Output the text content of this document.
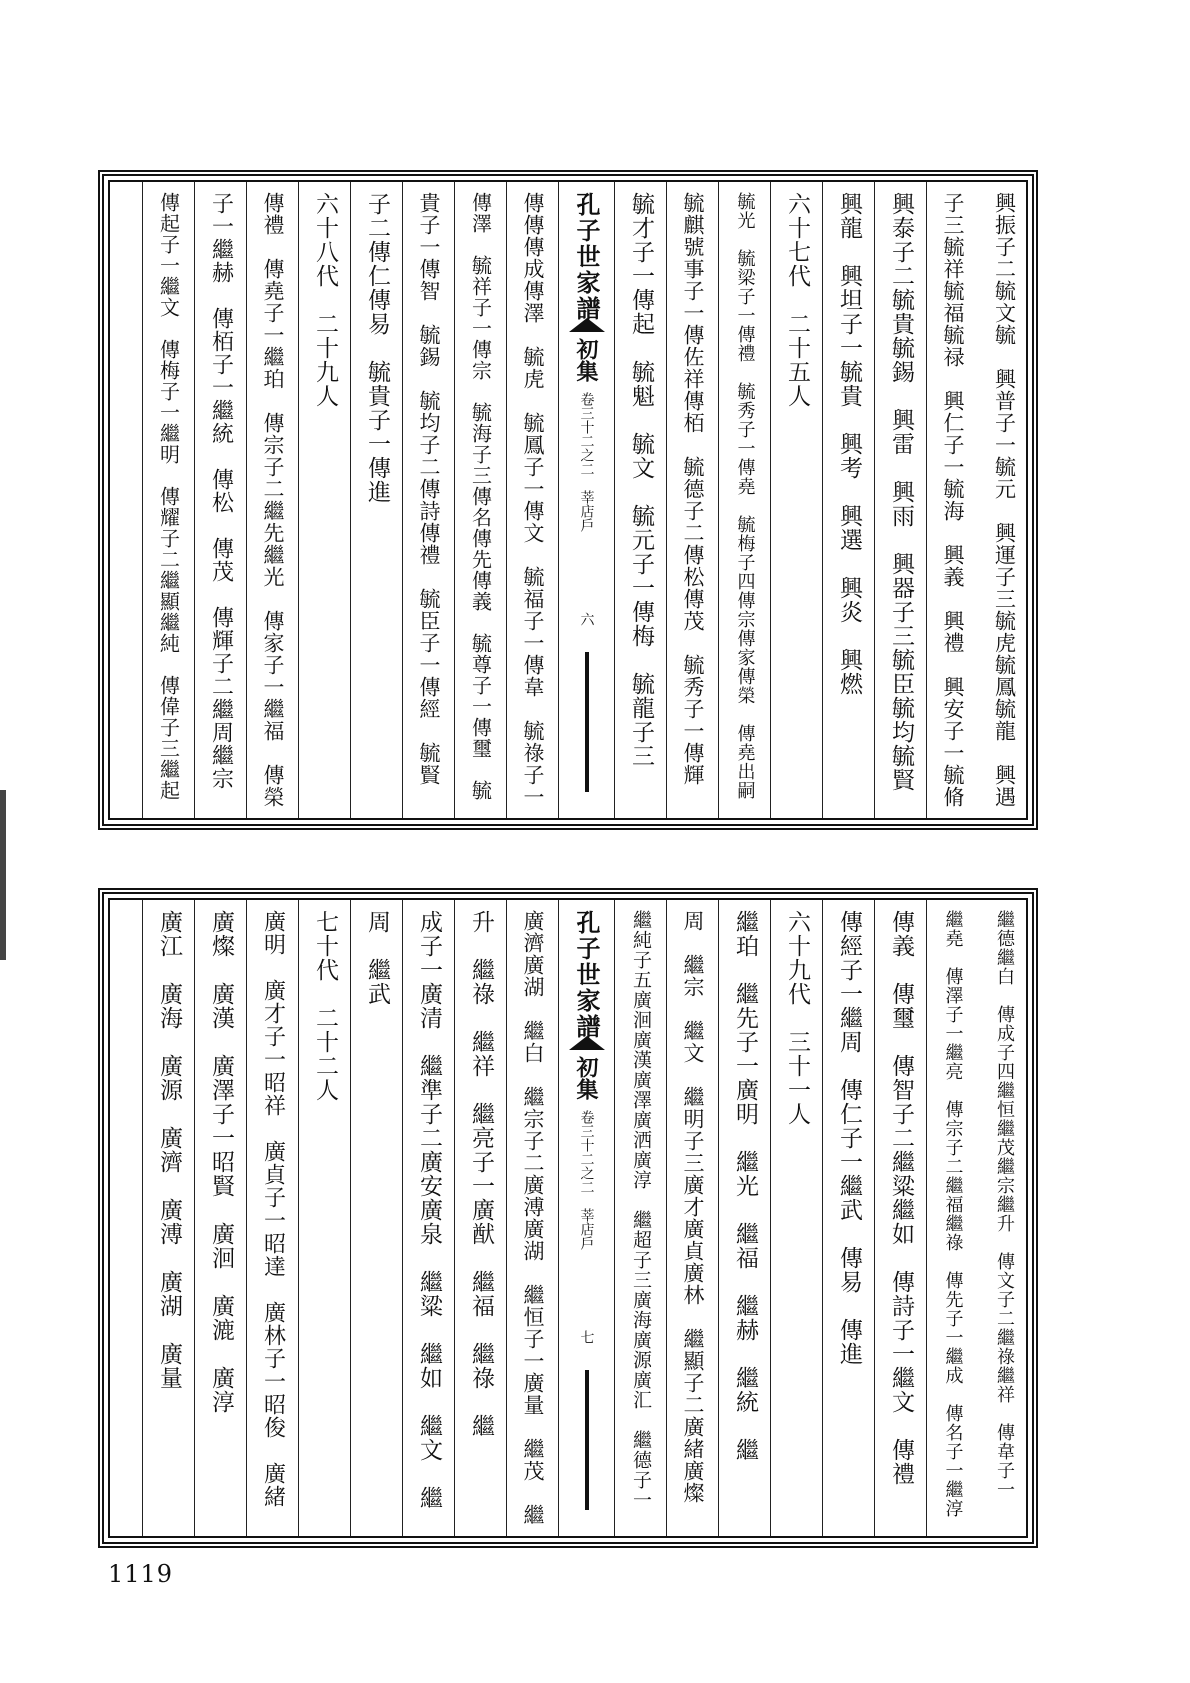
興振子二毓文毓　興普子一毓元　興運子三毓虎毓鳳毓龍　興遇
子三毓祥毓福毓禄　興仁子一毓海　興義　興禮　興安子一毓脩
興泰子二毓貴毓錫　興雷　興雨　興器子三毓臣毓均毓賢
興龍　興坦子一毓貴　興考　興選　興炎　興燃
六十七代　二十五人
毓光　毓梁子一傳禮　毓秀子一傳堯　毓梅子四傳宗傳家傳榮　傳堯出嗣
毓麒號事子一傳佐祥傳栢　毓德子二傳松傳茂　毓秀子一傳輝
毓才子一傳起　毓魁　毓文　毓元子一傳梅　毓龍子三
孔子世家譜
初集
卷三十二之二　莘店戶
六
傳傳傳成傳澤　毓虎　毓鳳子一傳文　毓福子一傳韋　毓祿子一
傳澤　毓祥子一傳宗　毓海子三傳名傳先傳義　毓尊子一傳璽　毓
貴子一傳智　毓錫　毓均子二傳詩傳禮　毓臣子一傳經　毓賢
子二傳仁傳易　毓貴子一傳進
六十八代　二十九人
傳禮　傳堯子一繼珀　傳宗子二繼先繼光　傳家子一繼福　傳榮
子一繼赫　傳栢子一繼統　傳松　傳茂　傳輝子二繼周繼宗
傳起子一繼文　傳梅子一繼明　傳耀子二繼顯繼純　傳偉子三繼起
繼德繼白　傳成子四繼恒繼茂繼宗繼升　傳文子二繼祿繼祥　傳韋子一
繼堯　傳澤子一繼亮　傳宗子二繼福繼祿　傳先子一繼成　傳名子一繼淳
傳義　傳璽　傳智子二繼粱繼如　傳詩子一繼文　傳禮
傳經子一繼周　傳仁子一繼武　傳易　傳進
六十九代　三十一人
繼珀　繼先子一廣明　繼光　繼福　繼赫　繼統　繼
周　繼宗　繼文　繼明子三廣才廣貞廣林　繼顯子二廣緒廣燦
繼純子五廣洄廣漢廣澤廣洒廣淳　繼超子三廣海廣源廣汇　繼德子一
孔子世家譜
初集
卷三十二之二　莘店戶
七
廣濟廣湖　繼白　繼宗子二廣溥廣湖　繼恒子一廣量　繼茂　繼
升　繼祿　繼祥　繼亮子一廣猷　繼福　繼祿　繼
成子一廣清　繼準子二廣安廣泉　繼粱　繼如　繼文　繼
周　繼武
七十代　二十二人
廣明　廣才子一昭祥　廣貞子一昭達　廣林子一昭俊　廣緒
廣燦　廣漢　廣澤子一昭賢　廣洄　廣漉　廣淳
廣江　廣海　廣源　廣濟　廣溥　廣湖　廣量
1119
